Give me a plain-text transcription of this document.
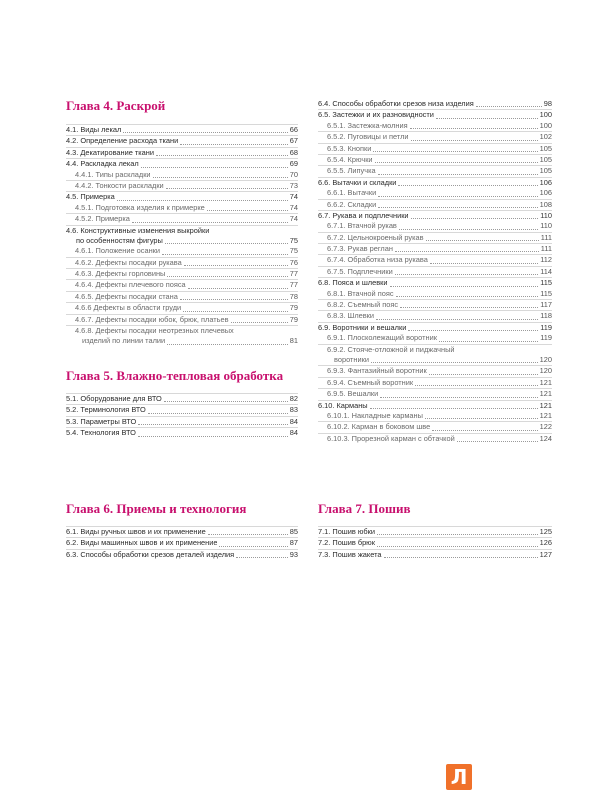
Глава 4. Раскрой
4.1. Виды лекал	66
4.2. Определение расхода ткани	67
4.3. Декатирование ткани	68
4.4. Раскладка лекал	69
4.4.1. Типы раскладки	70
4.4.2. Тонкости раскладки	73
4.5. Примерка	74
4.5.1. Подготовка изделия к примерке	74
4.5.2. Примерка	74
4.6. Конструктивные изменения выкройки
по особенностям фигуры	75
4.6.1. Положение осанки	75
4.6.2. Дефекты посадки рукава	76
4.6.3. Дефекты горловины	77
4.6.4. Дефекты плечевого пояса	77
4.6.5. Дефекты посадки стана	78
4.6.6 Дефекты в области груди	79
4.6.7. Дефекты посадки юбок, брюк, платьев	79
4.6.8. Дефекты посадки неотрезных плечевых
изделий по линии талии	81
Глава 5. Влажно-тепловая обработка
5.1. Оборудование для ВТО	82
5.2. Терминология ВТО	83
5.3. Параметры ВТО	84
5.4. Технология ВТО	84
Глава 6. Приемы и технология
6.1. Виды ручных швов и их применение	85
6.2. Виды машинных швов и их применение	87
6.3. Способы обработки срезов деталей изделия	93
6.4. Способы обработки срезов низа изделия	98
6.5. Застежки и их разновидности	100
6.5.1. Застежка-молния	100
6.5.2. Пуговицы и петли	102
6.5.3. Кнопки	105
6.5.4. Крючки	105
6.5.5. Липучка	105
6.6. Вытачки и складки	106
6.6.1. Вытачки	106
6.6.2. Складки	108
6.7. Рукава и подплечники	110
6.7.1. Втачной рукав	110
6.7.2. Цельнокроеный рукав	111
6.7.3. Рукав реглан	111
6.7.4. Обработка низа рукава	112
6.7.5. Подплечники	114
6.8. Пояса и шлевки	115
6.8.1. Втачной пояс	115
6.8.2. Съемный пояс	117
6.8.3. Шлевки	118
6.9. Воротники и вешалки	119
6.9.1. Плосколежащий воротник	119
6.9.2. Стояче-отложной и пиджачный
воротники	120
6.9.3. Фантазийный воротник	120
6.9.4. Съемный воротник	121
6.9.5. Вешалки	121
6.10. Карманы	121
6.10.1. Накладные карманы	121
6.10.2. Карман в боковом шве	122
6.10.3. Прорезной карман с обтачкой	124
Глава 7. Пошив
7.1. Пошив юбки	125
7.2. Пошив брюк	126
7.3. Пошив жакета	127
Л
